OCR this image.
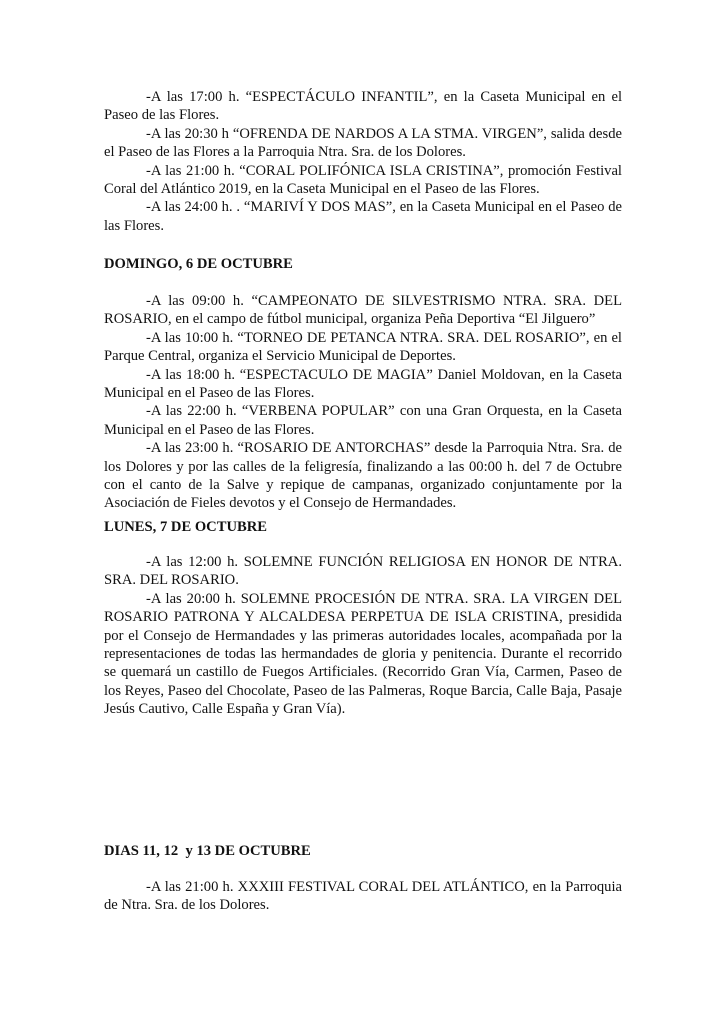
-A las 17:00 h. “ESPECTÁCULO INFANTIL”, en la Caseta Municipal en el Paseo de las Flores.

-A las 20:30 h “OFRENDA DE NARDOS A LA STMA. VIRGEN”, salida desde el Paseo de las Flores a la Parroquia Ntra. Sra. de los Dolores.

-A las 21:00 h. “CORAL POLIFÓNICA ISLA CRISTINA”, promoción Festival Coral del Atlántico 2019, en la Caseta Municipal en el Paseo de las Flores.

-A las 24:00 h. . “MARIVÍ Y DOS MAS”, en la Caseta Municipal en el Paseo de las Flores.

DOMINGO, 6 DE OCTUBRE

-A las 09:00 h. “CAMPEONATO DE SILVESTRISMO NTRA. SRA. DEL ROSARIO, en el campo de fútbol municipal, organiza Peña Deportiva “El Jilguero”

-A las 10:00 h. “TORNEO DE PETANCA NTRA. SRA. DEL ROSARIO”, en el Parque Central, organiza el Servicio Municipal de Deportes.

-A las 18:00 h. “ESPECTACULO DE MAGIA” Daniel Moldovan, en la Caseta Municipal en el Paseo de las Flores.

-A las 22:00 h. “VERBENA POPULAR” con una Gran Orquesta, en la Caseta Municipal en el Paseo de las Flores.

-A las 23:00 h. “ROSARIO DE ANTORCHAS” desde la Parroquia Ntra. Sra. de los Dolores y por las calles de la feligresía, finalizando a las 00:00 h. del 7 de Octubre con el canto de la Salve y repique de campanas, organizado conjuntamente por la Asociación de Fieles devotos y el Consejo de Hermandades.

LUNES, 7 DE OCTUBRE

-A las 12:00 h. SOLEMNE FUNCIÓN RELIGIOSA EN HONOR DE NTRA. SRA. DEL ROSARIO.

-A las 20:00 h. SOLEMNE PROCESIÓN DE NTRA. SRA. LA VIRGEN DEL ROSARIO PATRONA Y ALCALDESA PERPETUA DE ISLA CRISTINA, presidida por el Consejo de Hermandades y las primeras autoridades locales, acompañada por la representaciones de todas las hermandades de gloria y penitencia. Durante el recorrido se quemará un castillo de Fuegos Artificiales. (Recorrido Gran Vía, Carmen, Paseo de los Reyes, Paseo del Chocolate, Paseo de las Palmeras, Roque Barcia, Calle Baja, Pasaje Jesús Cautivo, Calle España y Gran Vía).

DIAS 11, 12  y 13 DE OCTUBRE

-A las 21:00 h. XXXIII FESTIVAL CORAL DEL ATLÁNTICO, en la Parroquia de Ntra. Sra. de los Dolores.
